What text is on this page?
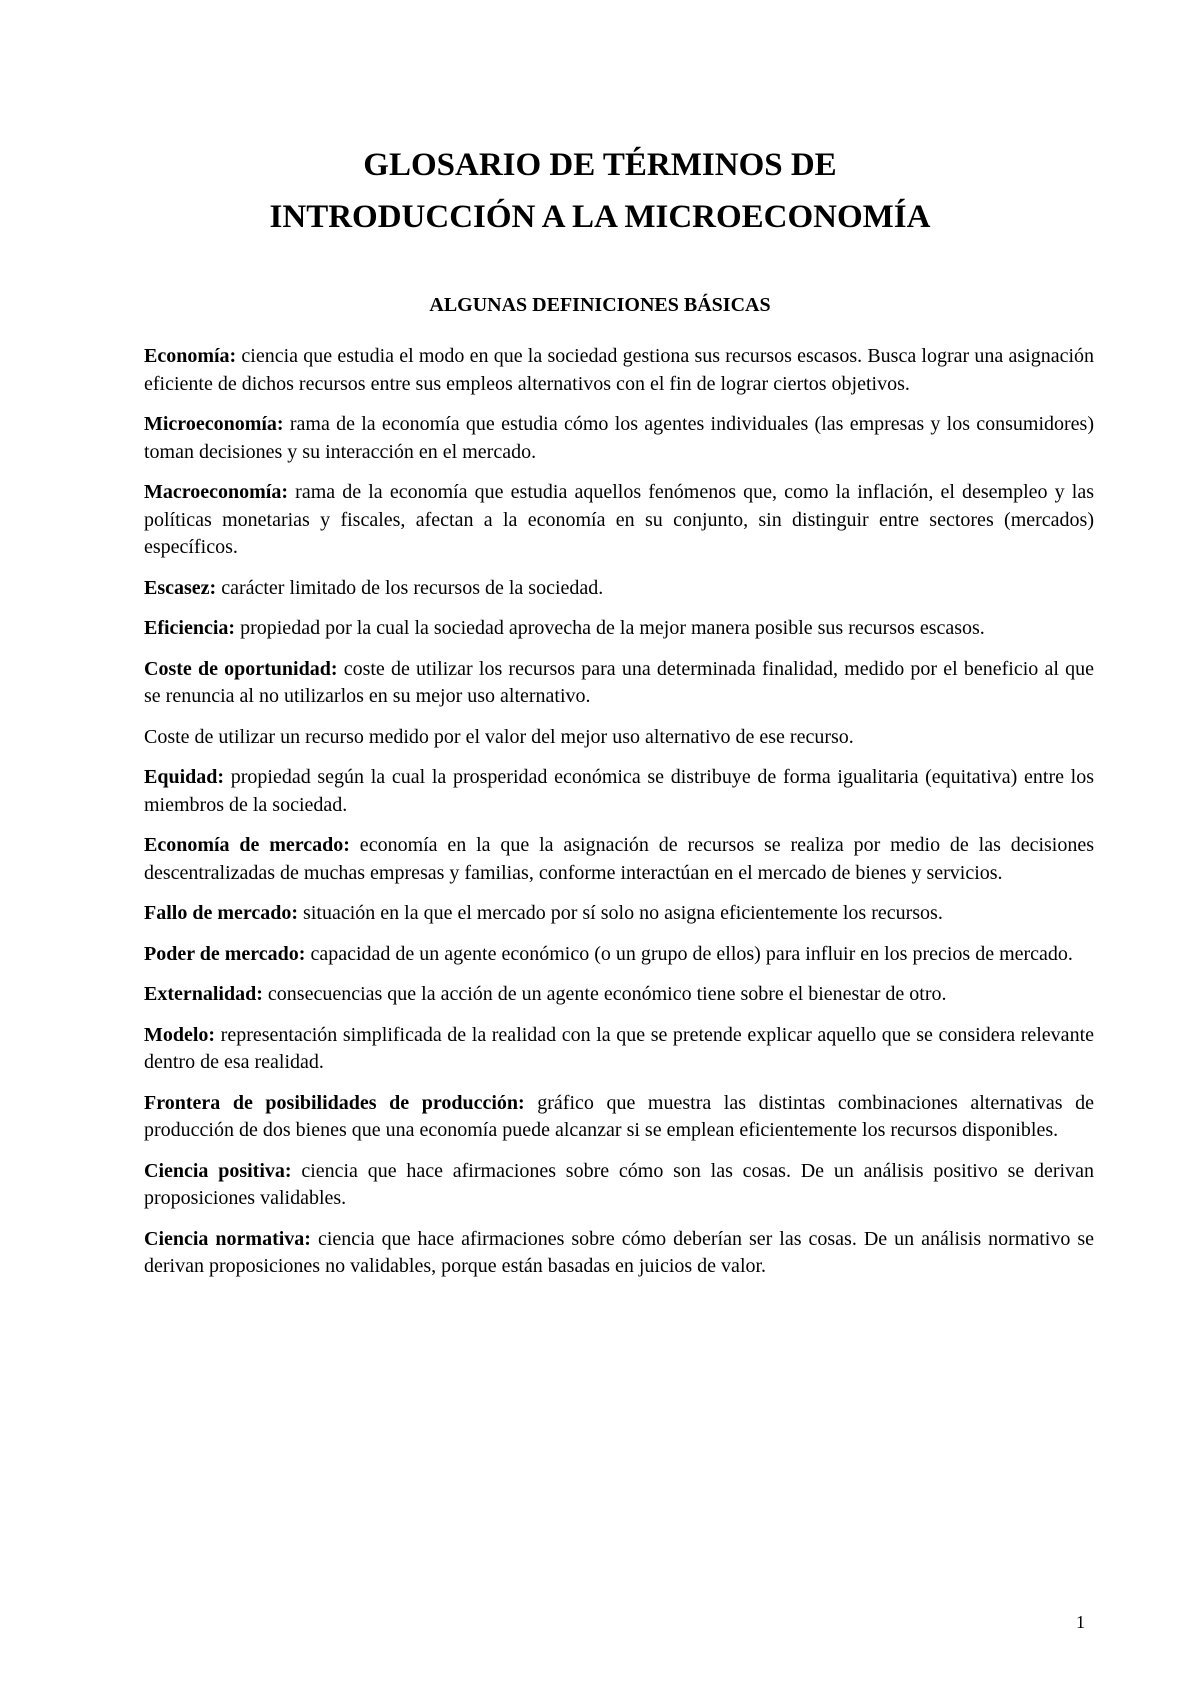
GLOSARIO DE TÉRMINOS DE
INTRODUCCIÓN A LA MICROECONOMÍA
ALGUNAS DEFINICIONES BÁSICAS

Economía: ciencia que estudia el modo en que la sociedad gestiona sus recursos escasos. Busca lograr una asignación eficiente de dichos recursos entre sus empleos alternativos con el fin de lograr ciertos objetivos.

Microeconomía: rama de la economía que estudia cómo los agentes individuales (las empresas y los consumidores) toman decisiones y su interacción en el mercado.

Macroeconomía: rama de la economía que estudia aquellos fenómenos que, como la inflación, el desempleo y las políticas monetarias y fiscales, afectan a la economía en su conjunto, sin distinguir entre sectores (mercados) específicos.

Escasez: carácter limitado de los recursos de la sociedad.

Eficiencia: propiedad por la cual la sociedad aprovecha de la mejor manera posible sus recursos escasos.

Coste de oportunidad: coste de utilizar los recursos para una determinada finalidad, medido por el beneficio al que se renuncia al no utilizarlos en su mejor uso alternativo.

Coste de utilizar un recurso medido por el valor del mejor uso alternativo de ese recurso.

Equidad: propiedad según la cual la prosperidad económica se distribuye de forma igualitaria (equitativa) entre los miembros de la sociedad.

Economía de mercado: economía en la que la asignación de recursos se realiza por medio de las decisiones descentralizadas de muchas empresas y familias, conforme interactúan en el mercado de bienes y servicios.

Fallo de mercado: situación en la que el mercado por sí solo no asigna eficientemente los recursos.

Poder de mercado: capacidad de un agente económico (o un grupo de ellos) para influir en los precios de mercado.

Externalidad: consecuencias que la acción de un agente económico tiene sobre el bienestar de otro.

Modelo: representación simplificada de la realidad con la que se pretende explicar aquello que se considera relevante dentro de esa realidad.

Frontera de posibilidades de producción: gráfico que muestra las distintas combinaciones alternativas de producción de dos bienes que una economía puede alcanzar si se emplean eficientemente los recursos disponibles.

Ciencia positiva: ciencia que hace afirmaciones sobre cómo son las cosas. De un análisis positivo se derivan proposiciones validables.

Ciencia normativa: ciencia que hace afirmaciones sobre cómo deberían ser las cosas. De un análisis normativo se derivan proposiciones no validables, porque están basadas en juicios de valor.

1
